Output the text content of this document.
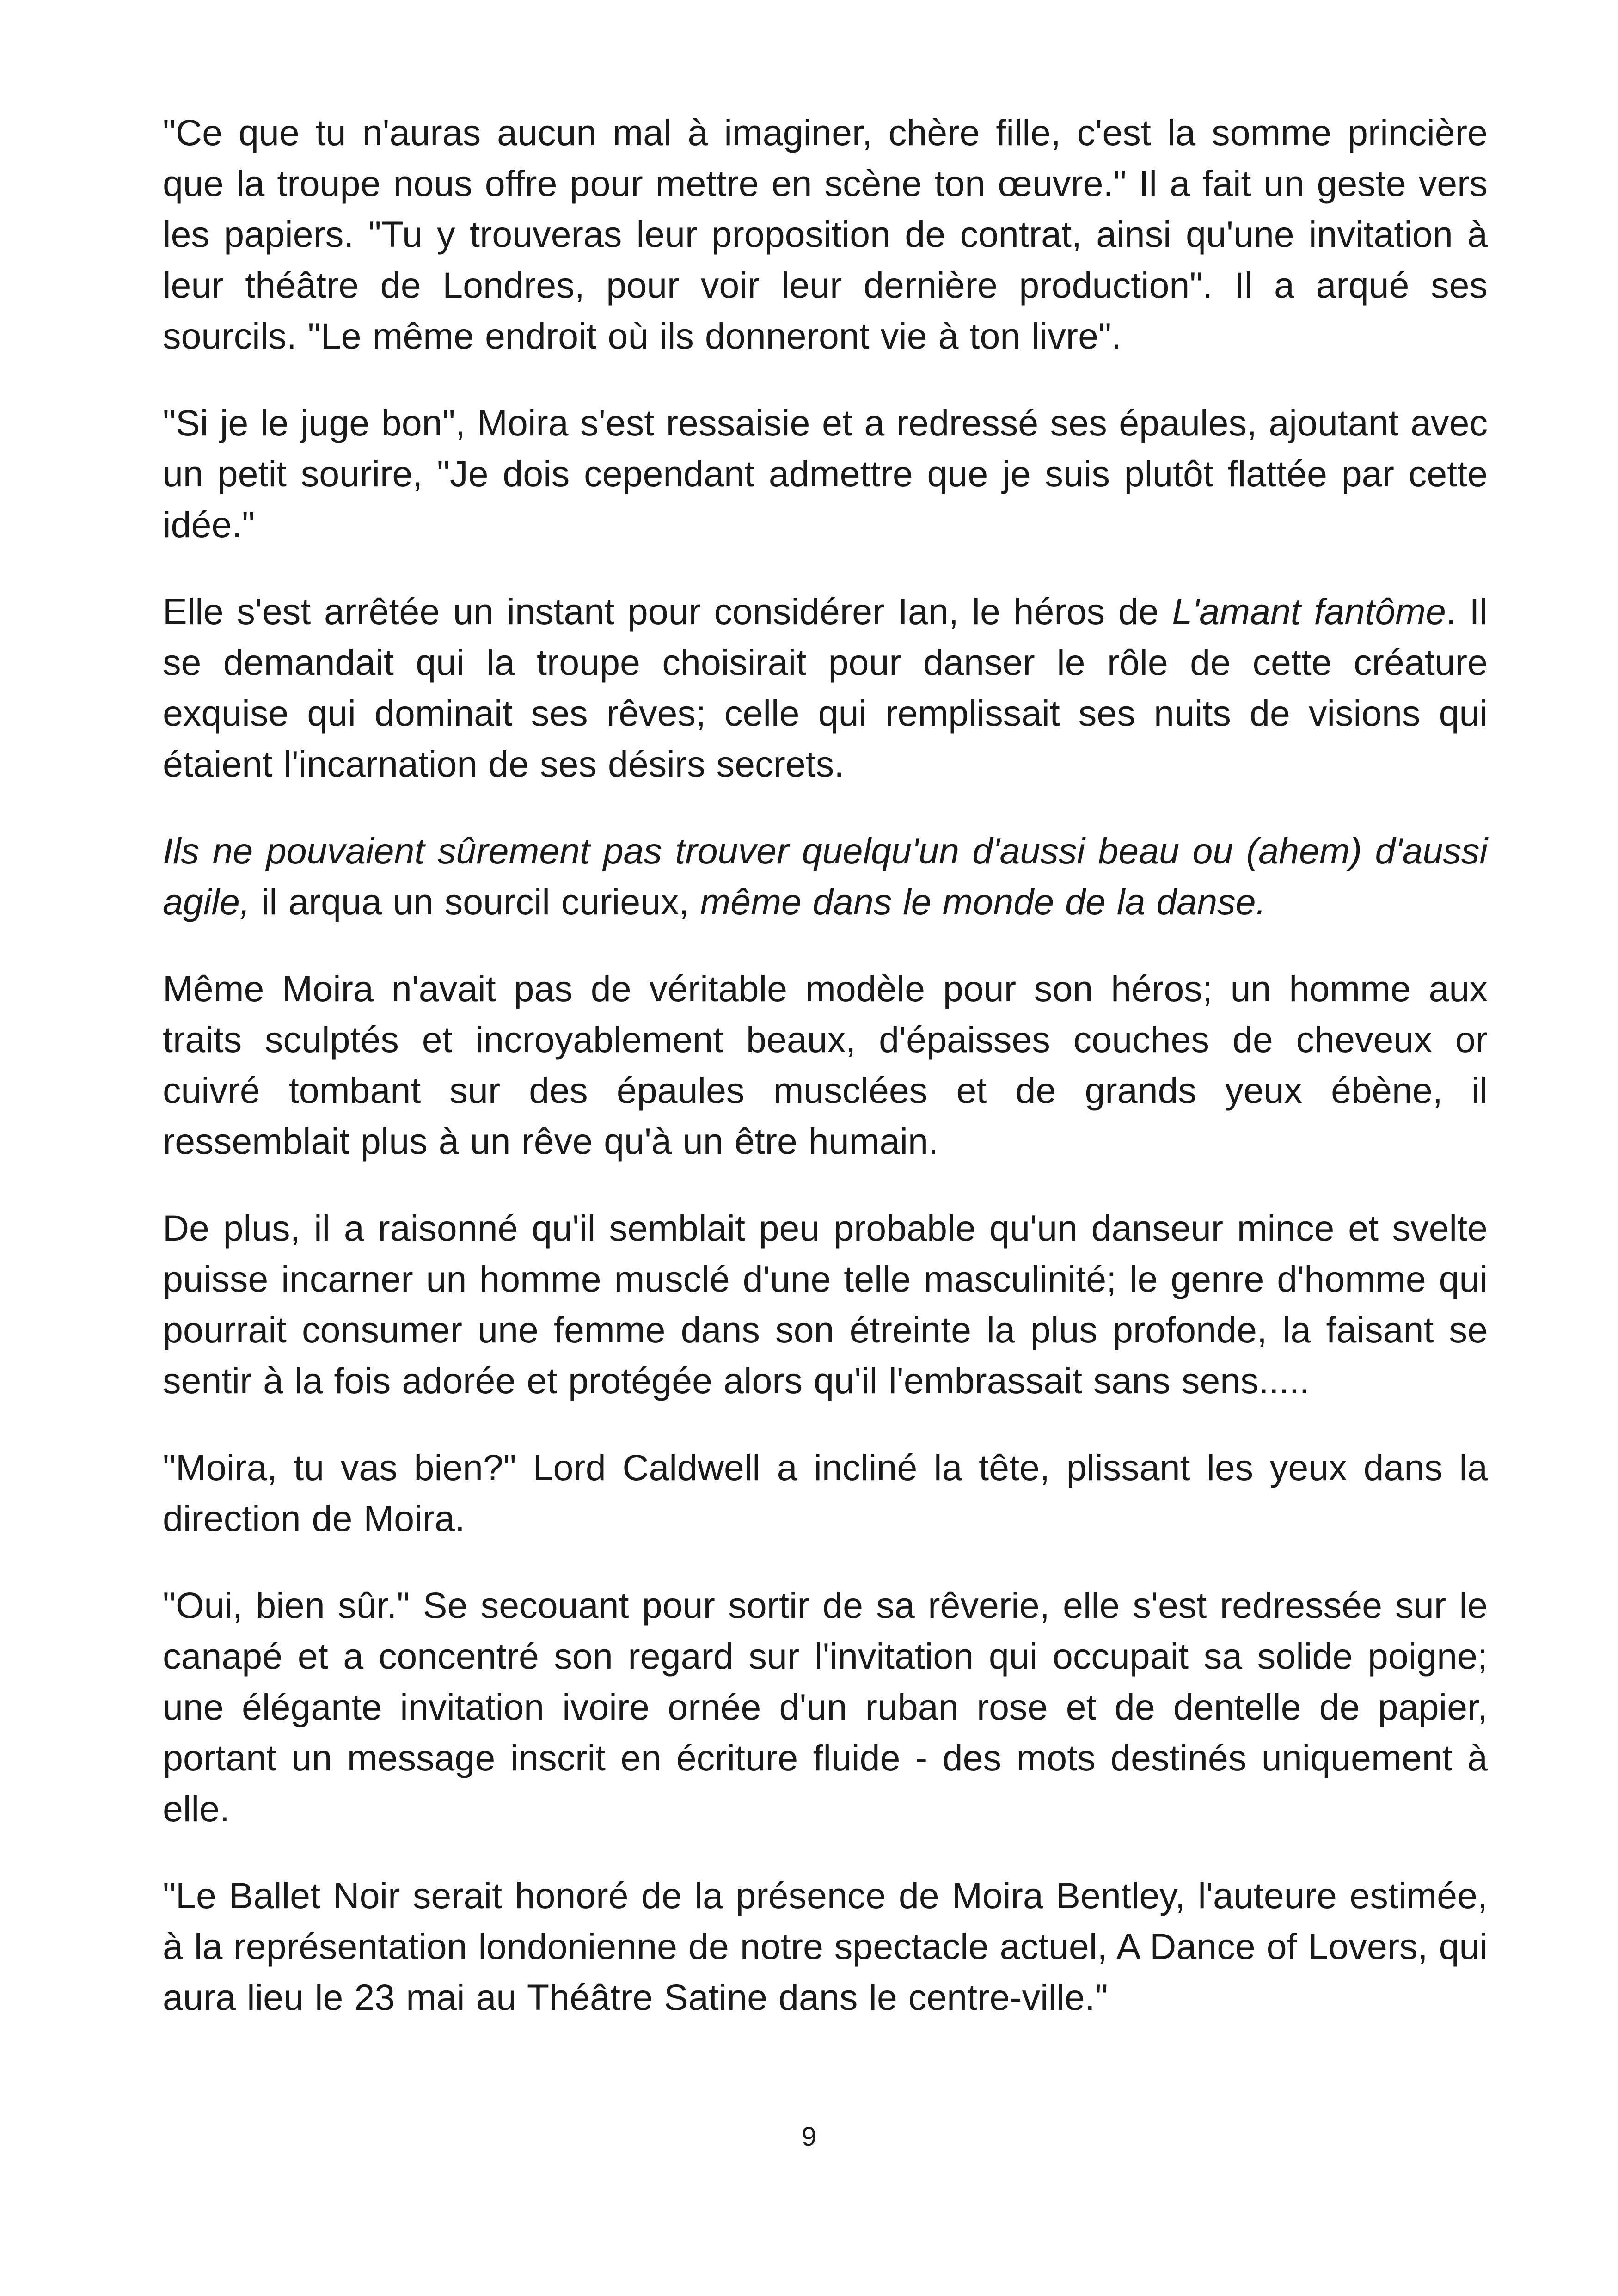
"Ce que tu n'auras aucun mal à imaginer, chère fille, c'est la somme princière que la troupe nous offre pour mettre en scène ton œuvre." Il a fait un geste vers les papiers. "Tu y trouveras leur proposition de contrat, ainsi qu'une invitation à leur théâtre de Londres, pour voir leur dernière production". Il a arqué ses sourcils. "Le même endroit où ils donneront vie à ton livre".

"Si je le juge bon", Moira s'est ressaisie et a redressé ses épaules, ajoutant avec un petit sourire, "Je dois cependant admettre que je suis plutôt flattée par cette idée."

Elle s'est arrêtée un instant pour considérer Ian, le héros de L'amant fantôme. Il se demandait qui la troupe choisirait pour danser le rôle de cette créature exquise qui dominait ses rêves; celle qui remplissait ses nuits de visions qui étaient l'incarnation de ses désirs secrets.

Ils ne pouvaient sûrement pas trouver quelqu'un d'aussi beau ou (ahem) d'aussi agile, il arqua un sourcil curieux, même dans le monde de la danse.

Même Moira n'avait pas de véritable modèle pour son héros; un homme aux traits sculptés et incroyablement beaux, d'épaisses couches de cheveux or cuivré tombant sur des épaules musclées et de grands yeux ébène, il ressemblait plus à un rêve qu'à un être humain.

De plus, il a raisonné qu'il semblait peu probable qu'un danseur mince et svelte puisse incarner un homme musclé d'une telle masculinité; le genre d'homme qui pourrait consumer une femme dans son étreinte la plus profonde, la faisant se sentir à la fois adorée et protégée alors qu'il l'embrassait sans sens.....

"Moira, tu vas bien?" Lord Caldwell a incliné la tête, plissant les yeux dans la direction de Moira.

"Oui, bien sûr." Se secouant pour sortir de sa rêverie, elle s'est redressée sur le canapé et a concentré son regard sur l'invitation qui occupait sa solide poigne; une élégante invitation ivoire ornée d'un ruban rose et de dentelle de papier, portant un message inscrit en écriture fluide - des mots destinés uniquement à elle.

"Le Ballet Noir serait honoré de la présence de Moira Bentley, l'auteure estimée, à la représentation londonienne de notre spectacle actuel, A Dance of Lovers, qui aura lieu le 23 mai au Théâtre Satine dans le centre-ville."

9
